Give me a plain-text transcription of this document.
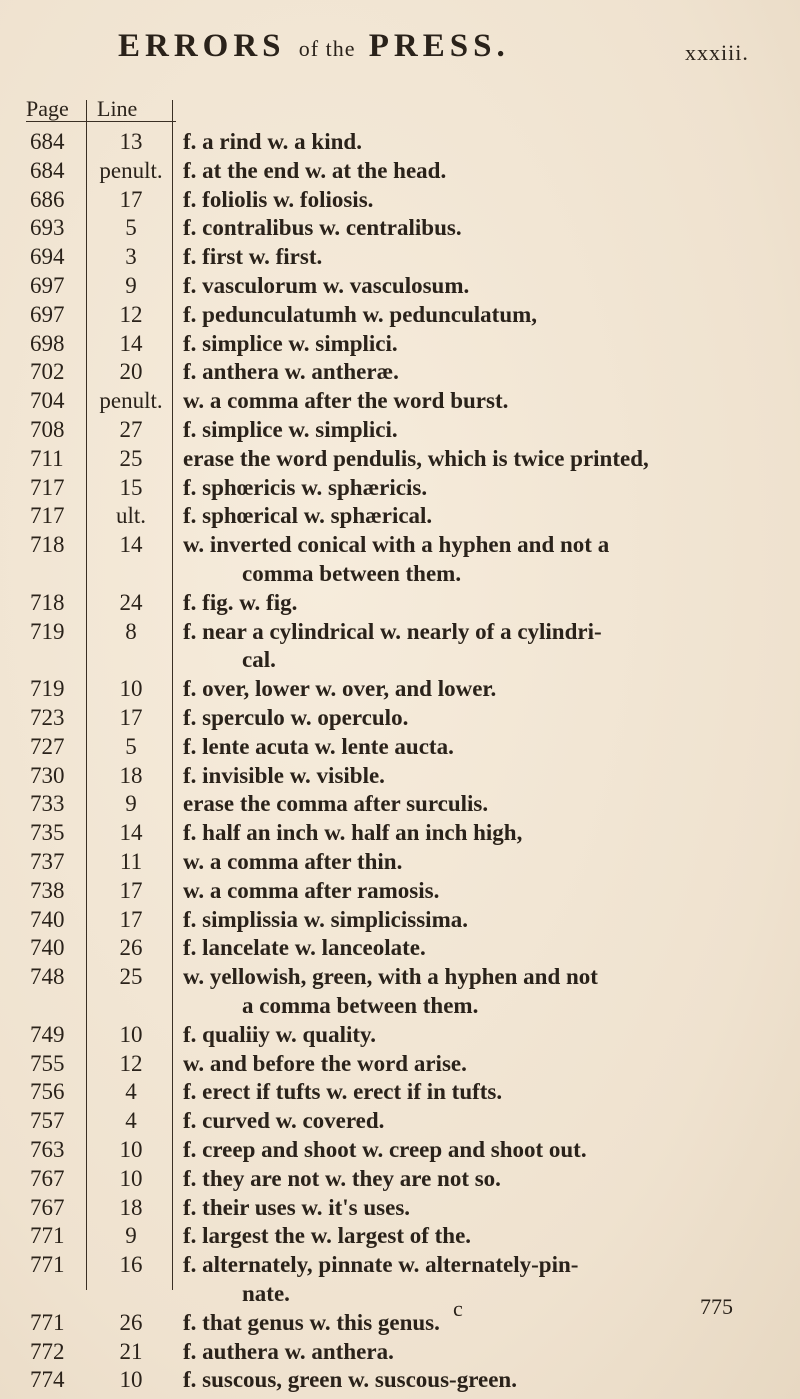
ERRORS of the PRESS.	xxxiii.
Page Line
684	13	f. a rind w. a kind.
684	penult. f. at the end w. at the head.
686	17	f. foliolis w. foliosis.
693	5	f. contralibus w. centralibus.
694	3	f. first w. first.
697	9	f. vasculorum w. vasculosum.
697	12	f. pedunculatumh w. pedunculatum,
698	14	f. simplice w. simplici.
702	20	f. anthera w. antheræ.
704	penult. w. a comma after the word burst.
708	27	f. simplice w. simplici.
711	25	erase the word pendulis, which is twice printed,
717	15	f. sphœricis w. sphæricis.
717	ult.	f. sphœrical w. sphærical.
718	14	w. inverted conical with a hyphen and not a
comma between them.
718	24	f. fig. w. fig.
719	8	f. near a cylindrical w. nearly of a cylindri-
cal.
719	10	f. over, lower w. over, and lower.
723	17	f. sperculo w. operculo.
727	5	f. lente acuta w. lente aucta.
730	18	f. invisible w. visible.
733	9	erase the comma after surculis.
735	14	f. half an inch w. half an inch high,
737	11	w. a comma after thin.
738	17	w. a comma after ramosis.
740	17	f. simplissia w. simplicissima.
740	26	f. lancelate w. lanceolate.
748	25	w. yellowish, green, with a hyphen and not
a comma between them.
749	10	f. qualiiy w. quality.
755	12	w. and before the word arise.
756	4	f. erect if tufts w. erect if in tufts.
757	4	f. curved w. covered.
763	10	f. creep and shoot w. creep and shoot out.
767	10	f. they are not w. they are not so.
767	18	f. their uses w. it's uses.
771	9	f. largest the w. largest of the.
771	16	f. alternately, pinnate w. alternately-pin-
nate.
771	26	f. that genus w. this genus.
772	21	f. authera w. anthera.
774	10	f. suscous, green w. suscous-green.
c	775
